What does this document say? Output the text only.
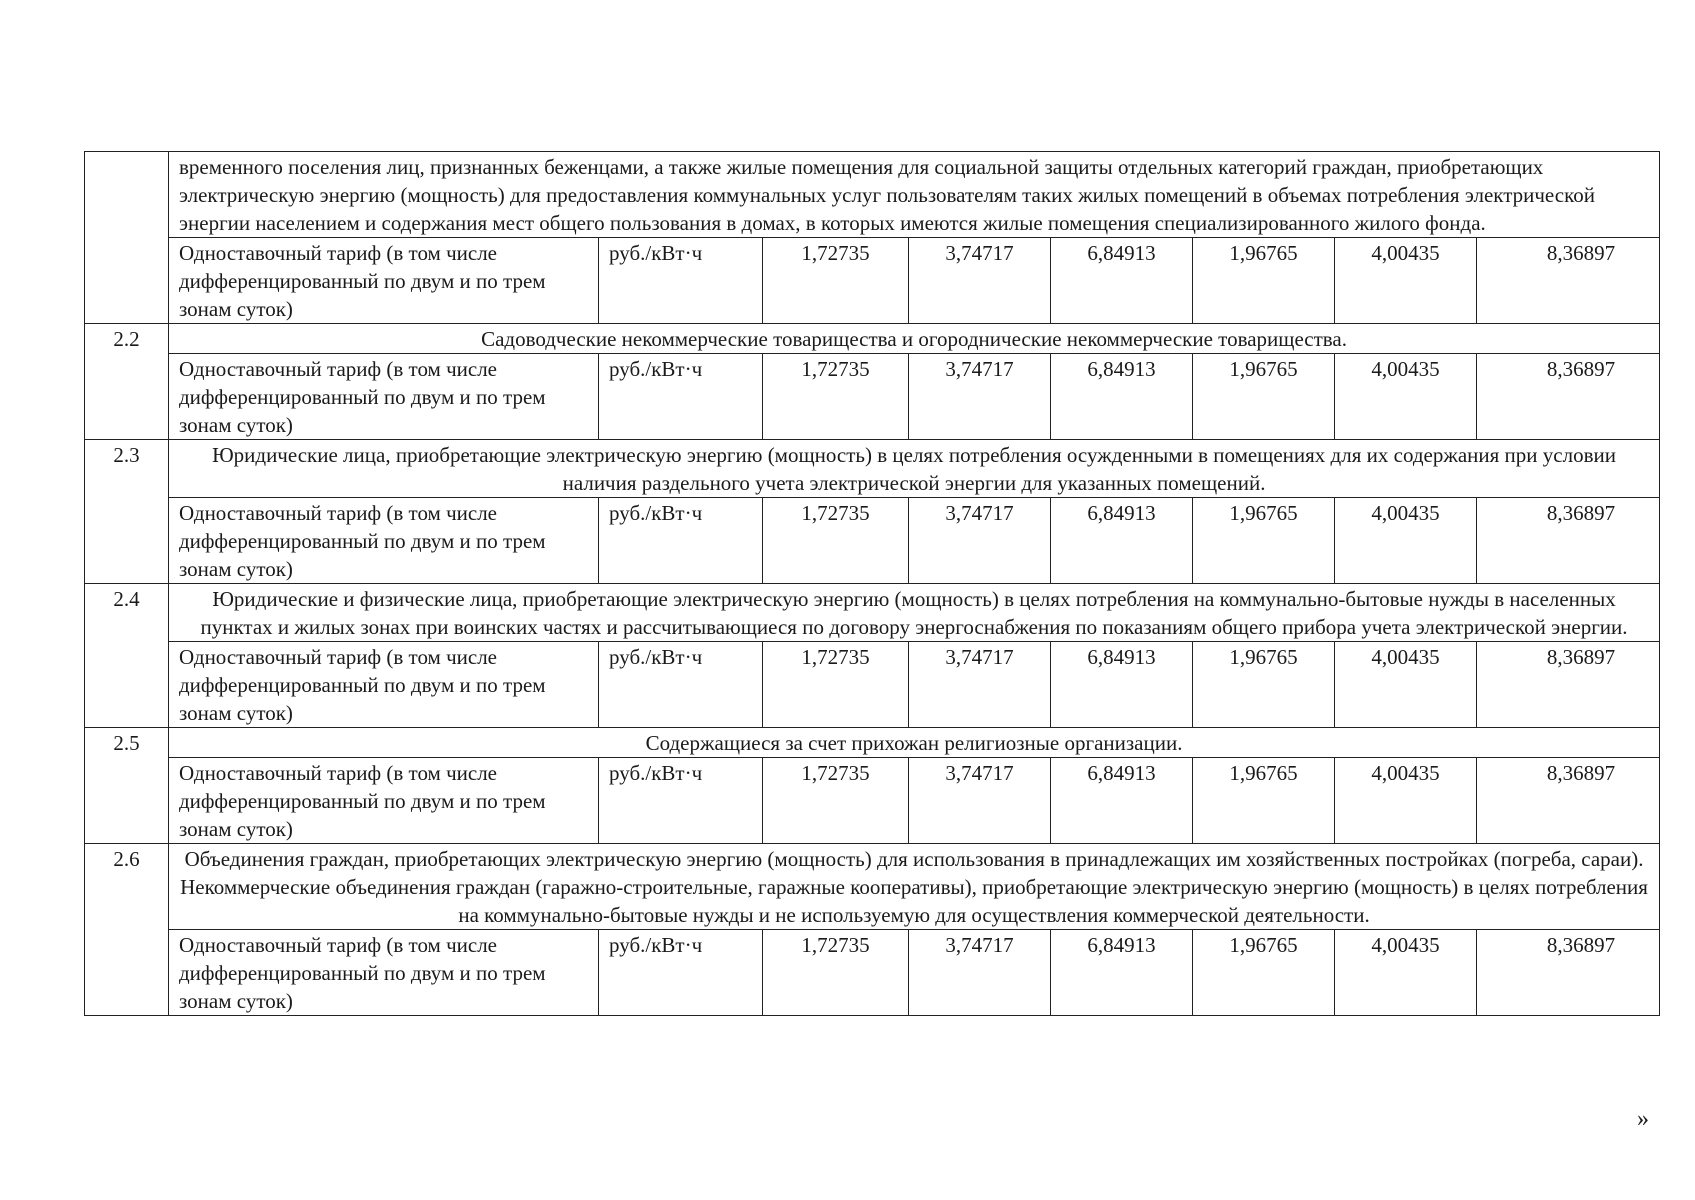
	временного поселения лиц, признанных беженцами, а также жилые помещения для социальной защиты отдельных категорий граждан, приобретающих электрическую энергию (мощность) для предоставления коммунальных услуг пользователям таких жилых помещений в объемах потребления электрической энергии населением и содержания мест общего пользования в домах, в которых имеются жилые помещения специализированного жилого фонда.							

	Одноставочный тариф (в том числе дифференцированный по двум и по трем зонам суток)	руб./кВт·ч	1,72735	3,74717	6,84913	1,96765	4,00435	8,36897
2.2	Садоводческие некоммерческие товарищества и огороднические некоммерческие товарищества.							

	Одноставочный тариф (в том числе дифференцированный по двум и по трем зонам суток)	руб./кВт·ч	1,72735	3,74717	6,84913	1,96765	4,00435	8,36897
2.3	Юридические лица, приобретающие электрическую энергию (мощность) в целях потребления осужденными в помещениях для их содержания при условии наличия раздельного учета электрической энергии для указанных помещений.							

	Одноставочный тариф (в том числе дифференцированный по двум и по трем зонам суток)	руб./кВт·ч	1,72735	3,74717	6,84913	1,96765	4,00435	8,36897
2.4	Юридические и физические лица, приобретающие электрическую энергию (мощность) в целях потребления на коммунально-бытовые нужды в населенных пунктах и жилых зонах при воинских частях и рассчитывающиеся по договору энергоснабжения по показаниям общего прибора учета электрической энергии.							

	Одноставочный тариф (в том числе дифференцированный по двум и по трем зонам суток)	руб./кВт·ч	1,72735	3,74717	6,84913	1,96765	4,00435	8,36897
2.5	Содержащиеся за счет прихожан религиозные организации.							

	Одноставочный тариф (в том числе дифференцированный по двум и по трем зонам суток)	руб./кВт·ч	1,72735	3,74717	6,84913	1,96765	4,00435	8,36897
2.6	Объединения граждан, приобретающих электрическую энергию (мощность) для использования в принадлежащих им хозяйственных постройках (погреба, сараи).
Некоммерческие объединения граждан (гаражно-строительные, гаражные кооперативы), приобретающие электрическую энергию (мощность) в целях потребления на коммунально-бытовые нужды и не используемую для осуществления коммерческой деятельности.							

	Одноставочный тариф (в том числе дифференцированный по двум и по трем зонам суток)	руб./кВт·ч	1,72735	3,74717	6,84913	1,96765	4,00435	8,36897
»
